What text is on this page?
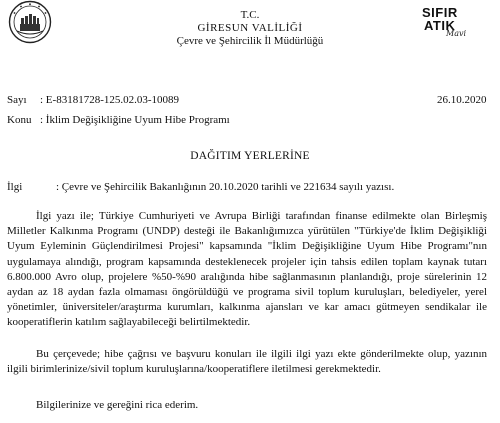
SIFIR
ATIK
Mavi
T.C.
GİRESUN VALİLİĞİ
Çevre ve Şehircilik İl Müdürlüğü
Sayı : E-83181728-125.02.03-10089	26.10.2020
Konu : İklim Değişikliğine Uyum Hibe Programı
DAĞITIM YERLERİNE
İlgi	: Çevre ve Şehircilik Bakanlığının 20.10.2020 tarihli ve 221634 sayılı yazısı.
İlgi yazı ile; Türkiye Cumhuriyeti ve Avrupa Birliği tarafından finanse edilmekte olan Birleşmiş
Milletler Kalkınma Programı (UNDP) desteği ile Bakanlığımızca yürütülen "Türkiye'de İklim Değişikliği
Uyum Eyleminin Güçlendirilmesi Projesi" kapsamında "İklim Değişikliğine Uyum Hibe Programı"nın
uygulamaya alındığı, program kapsamında desteklenecek projeler için tahsis edilen toplam kaynak tutarı
6.800.000 Avro olup, projelere %50-%90 aralığında hibe sağlanmasının planlandığı, proje sürelerinin 12
aydan az 18 aydan fazla olmaması öngörüldüğü ve programa sivil toplum kuruluşları, belediyeler, yerel
yönetimler, üniversiteler/araştırma kurumları, kalkınma ajansları ve kar amacı gütmeyen sendikalar ile
kooperatiflerin katılım sağlayabileceği belirtilmektedir.
Bu çerçevede; hibe çağrısı ve başvuru konuları ile ilgili ilgi yazı ekte gönderilmekte olup, yazının
ilgili birimlerinize/sivil toplum kuruluşlarına/kooperatiflere iletilmesi gerekmektedir.
Bilgilerinize ve gereğini rica ederim.
